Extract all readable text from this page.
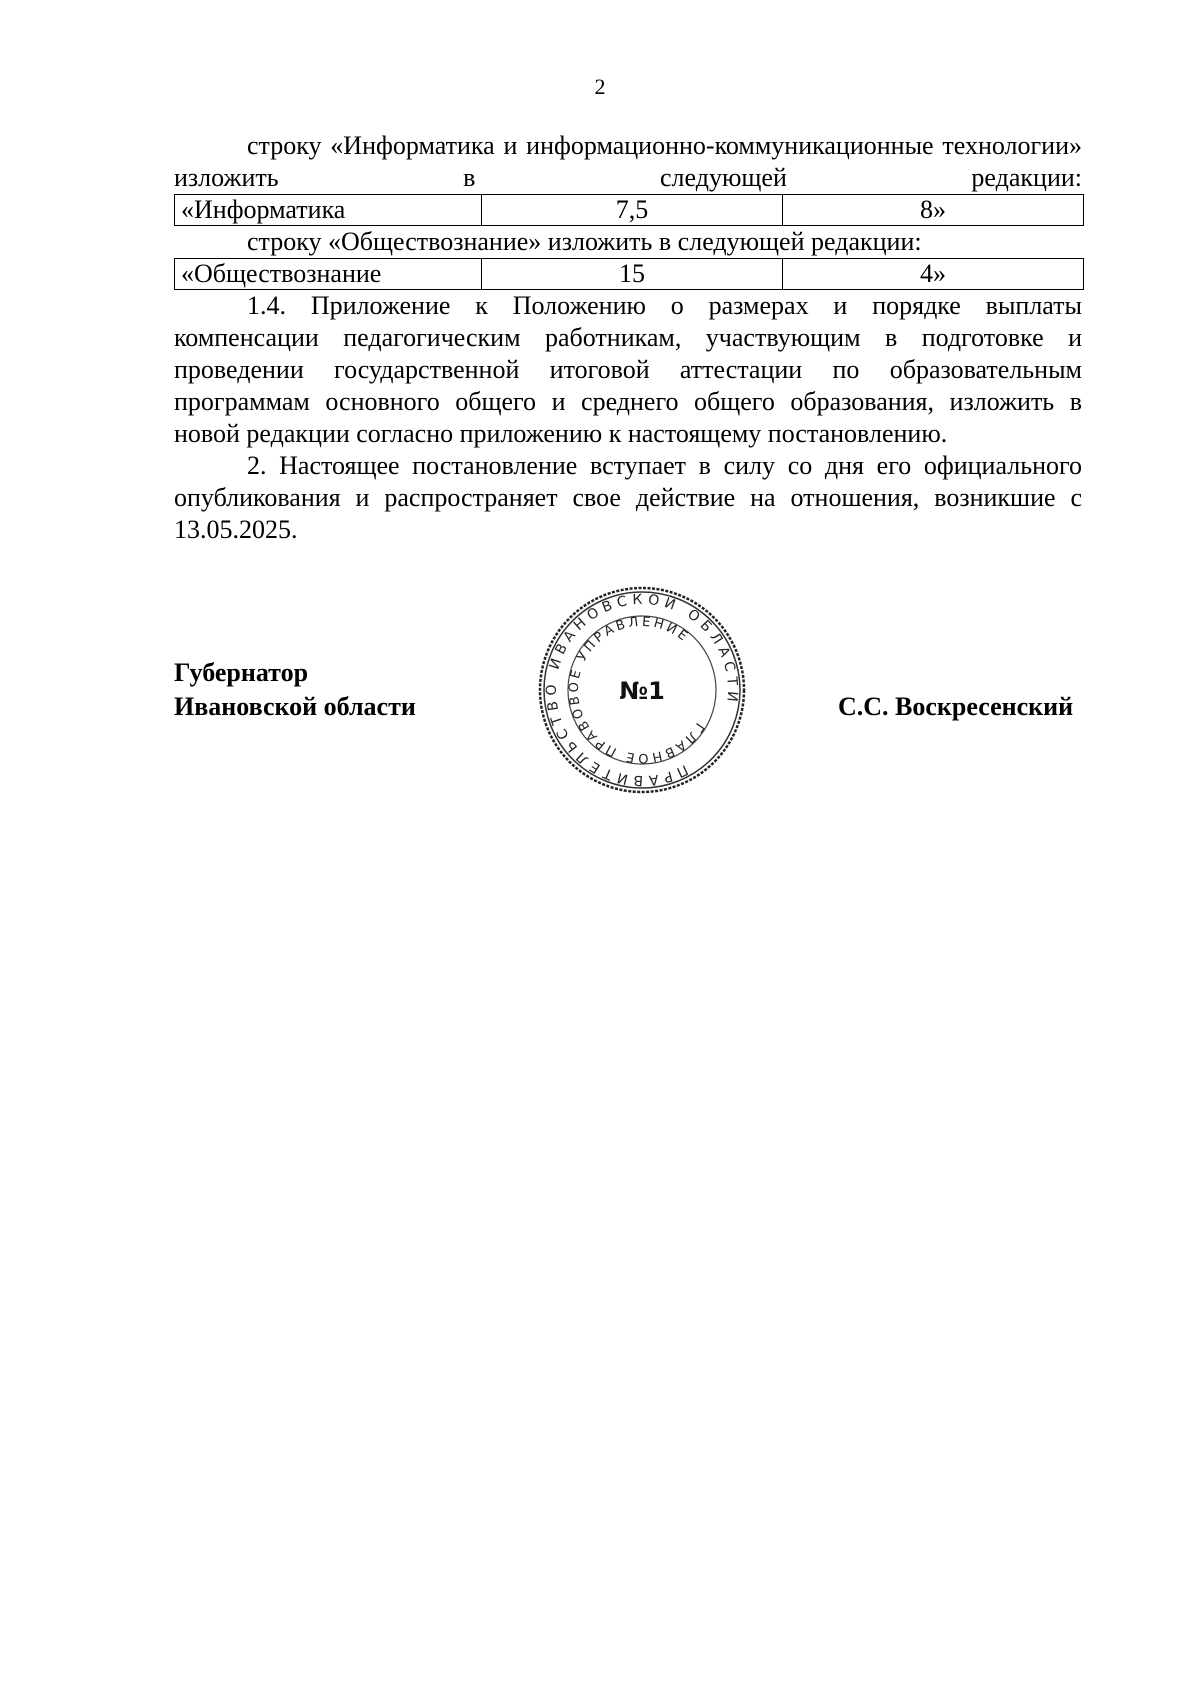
2

строку «Информатика и информационно-коммуникационные технологии» изложить в следующей редакции:

«Информатика	7,5	8»

строку «Обществознание» изложить в следующей редакции:

«Обществознание	15	4»

1.4. Приложение к Положению о размерах и порядке выплаты компенсации педагогическим работникам, участвующим в подготовке и проведении государственной итоговой аттестации по образовательным программам основного общего и среднего общего образования, изложить в новой редакции согласно приложению к настоящему постановлению.

2. Настоящее постановление вступает в силу со дня его официального опубликования и распространяет свое действие на отношения, возникшие с 13.05.2025.

Губернатор
Ивановской области	С.С. Воскресенский
ПРАВИТЕЛЬСТВО ИВАНОВСКОЙ ОБЛАСТИ
ГЛАВНОЕ ПРАВОВОЕ УПРАВЛЕНИЕ
№1
